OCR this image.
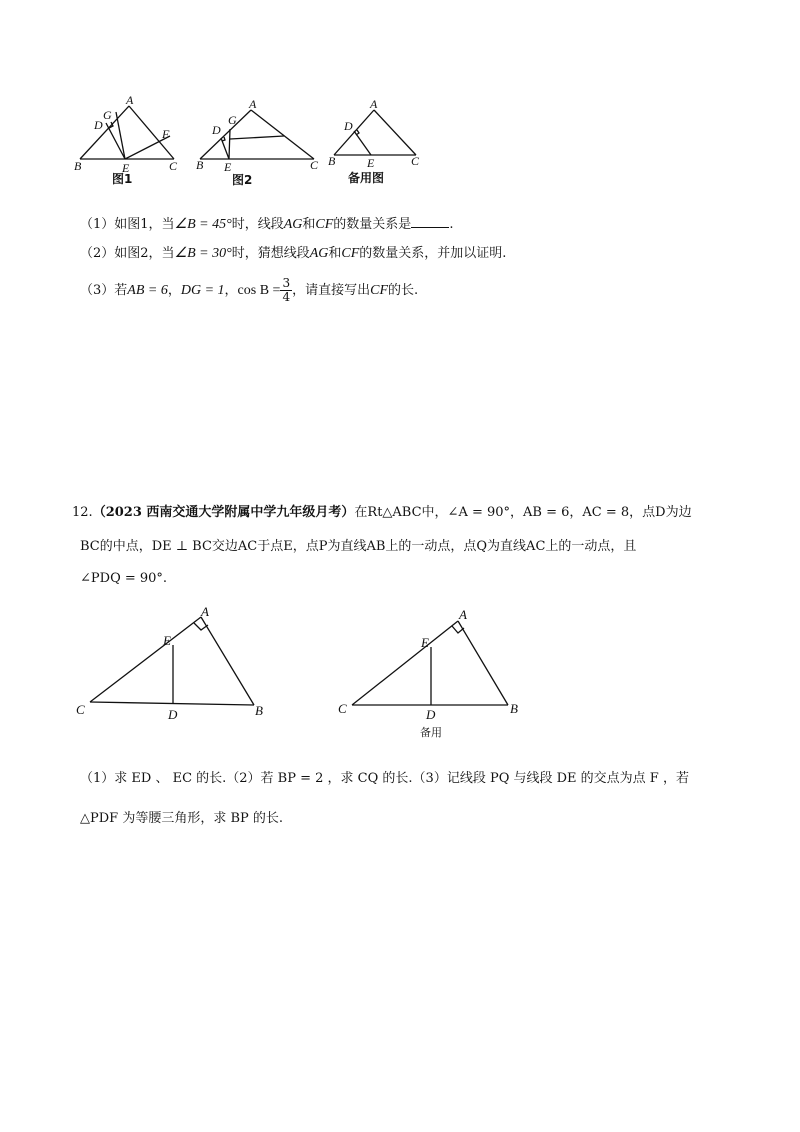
A
B	C
D
E
F
G
图1
A
B	C
D
E
G
图2
A
B	C
D
E
备用图
（1）如图1，当∠B = 45°时，线段AG和CF的数量关系是	.
（2）如图2，当∠B = 30°时，猜想线段AG和CF的数量关系，并加以证明.
（3）若AB = 6，DG = 1，$\cos B = \frac{3}{4}$ ，请直接写出CF的长.
12.（2023 西南交通大学附属中学九年级月考）在Rt△ABC中，∠A = 90°，AB = 6，AC = 8，点D为边
BC的中点，DE ⊥ BC交边AC于点E，点P为直线AB上的一动点，点Q为直线AC上的一动点，且
∠PDQ = 90°.
A
E
C	D	B
A
E
C	D	B
备用
（1）求 ED 、 EC 的长.（2）若 BP = 2 ，求 CQ 的长.（3）记线段 PQ 与线段 DE 的交点为点 F ，若
△PDF 为等腰三角形，求 BP 的长.
